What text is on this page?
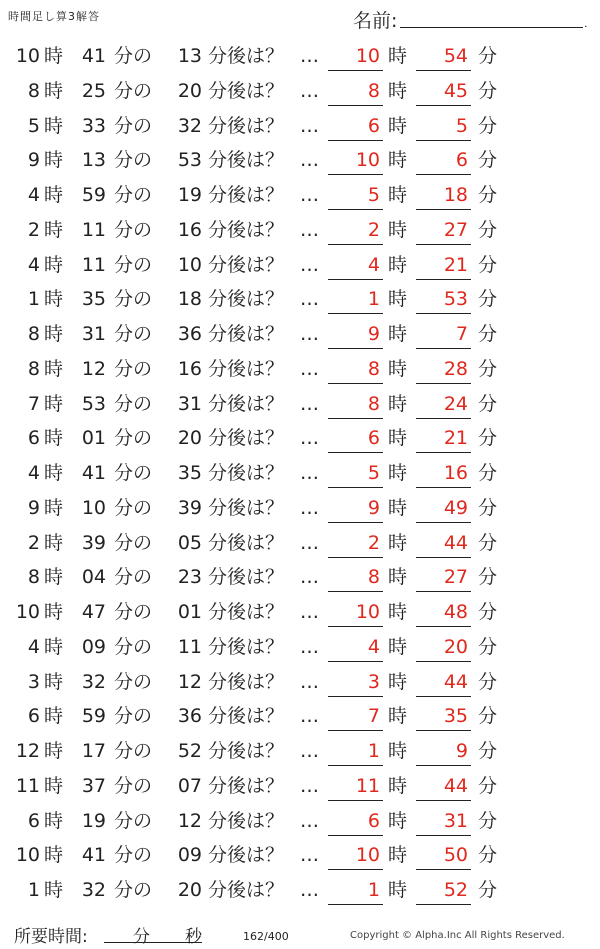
時間足し算3解答	名前:	.
10 時 41 分の	13 分後は？ …	10 時	54 分
8 時 25 分の	20 分後は？ …	8 時	45 分
5 時 33 分の	32 分後は？ …	6 時	5 分
9 時 13 分の	53 分後は？ …	10 時	6 分
4 時 59 分の	19 分後は？ …	5 時	18 分
2 時 11 分の	16 分後は？ …	2 時	27 分
4 時 11 分の	10 分後は？ …	4 時	21 分
1 時 35 分の	18 分後は？ …	1 時	53 分
8 時 31 分の	36 分後は？ …	9 時	7 分
8 時 12 分の	16 分後は？ …	8 時	28 分
7 時 53 分の	31 分後は？ …	8 時	24 分
6 時 01 分の	20 分後は？ …	6 時	21 分
4 時 41 分の	35 分後は？ …	5 時	16 分
9 時 10 分の	39 分後は？ …	9 時	49 分
2 時 39 分の	05 分後は？ …	2 時	44 分
8 時 04 分の	23 分後は？ …	8 時	27 分
10 時 47 分の	01 分後は？ …	10 時	48 分
4 時 09 分の	11 分後は？ …	4 時	20 分
3 時 32 分の	12 分後は？ …	3 時	44 分
6 時 59 分の	36 分後は？ …	7 時	35 分
12 時 17 分の	52 分後は？ …	1 時	9 分
11 時 37 分の	07 分後は？ …	11 時	44 分
6 時 19 分の	12 分後は？ …	6 時	31 分
10 時 41 分の	09 分後は？ …	10 時	50 分
1 時 32 分の	20 分後は？ …	1 時	52 分
所要時間:	分 秒	162/400	Copyright © Alpha.Inc All Rights Reserved.
